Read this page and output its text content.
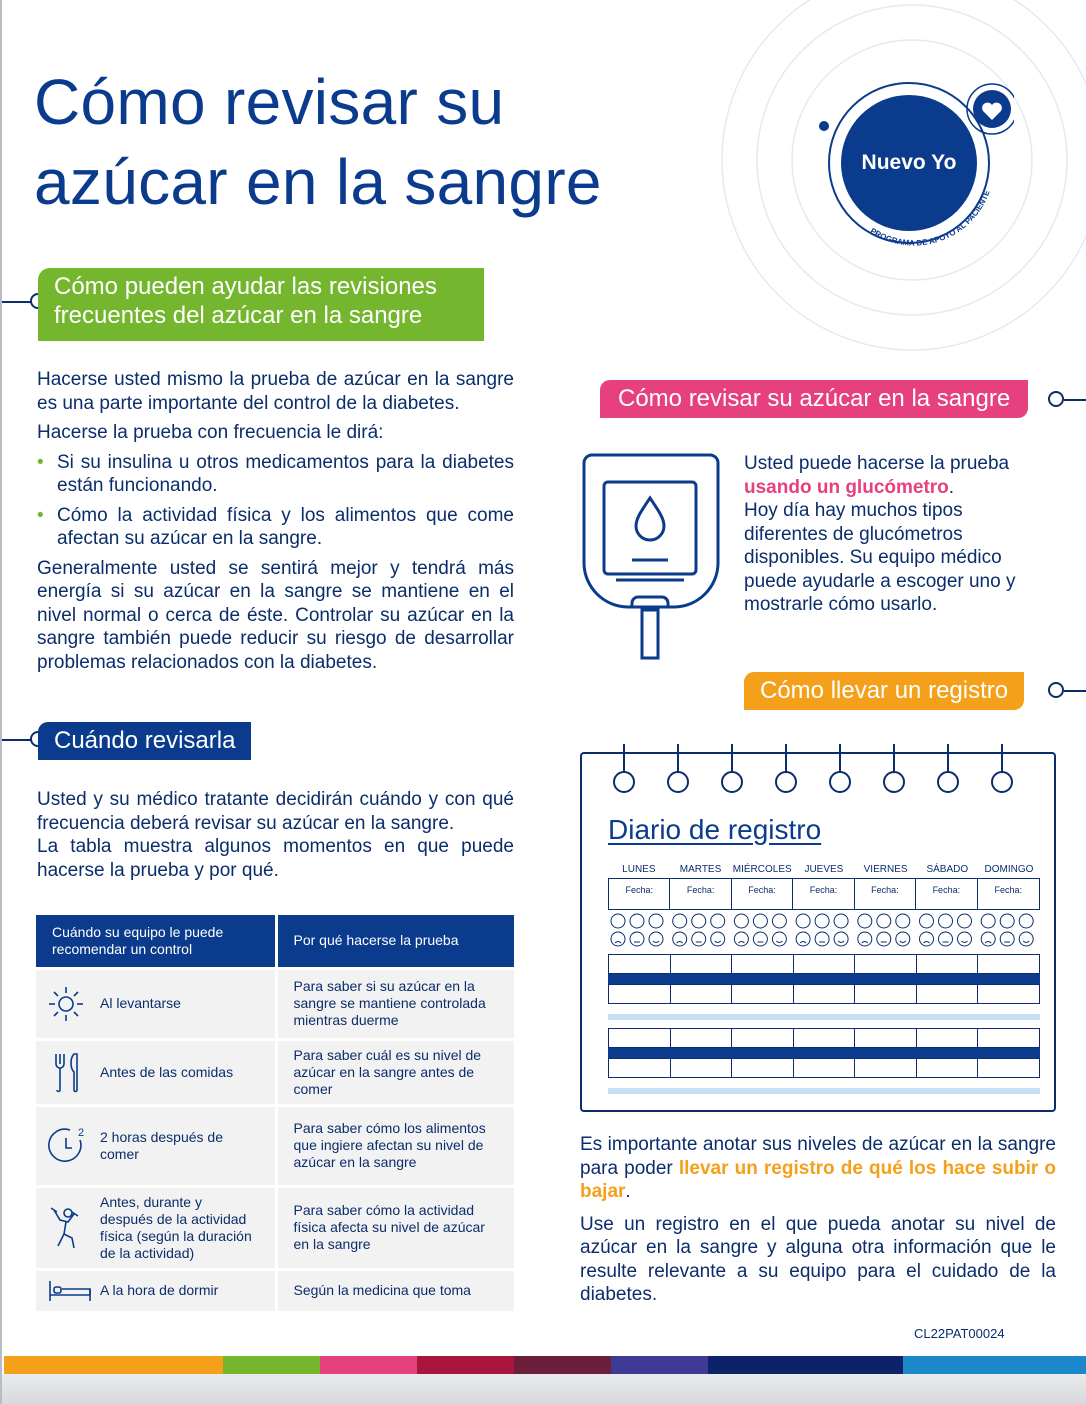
Cómo revisar su
azúcar en la sangre	Nuevo Yo
PROGRAMA DE APOYO AL PACIENTE
Cómo pueden ayudar las revisiones
frecuentes del azúcar en la sangre
Hacerse usted mismo la prueba de azúcar en la sangre es una parte importante del control de la diabetes.
Hacerse la prueba con frecuencia le dirá:
• Si su insulina u otros medicamentos para la diabetes están funcionando.
• Cómo la actividad física y los alimentos que come afectan su azúcar en la sangre.
Generalmente usted se sentirá mejor y tendrá más energía si su azúcar en la sangre se mantiene en el nivel normal o cerca de éste. Controlar su azúcar en la sangre también puede reducir su riesgo de desarrollar problemas relacionados con la diabetes.
Cuándo revisarla
Usted y su médico tratante decidirán cuándo y con qué frecuencia deberá revisar su azúcar en la sangre.
La tabla muestra algunos momentos en que puede hacerse la prueba y por qué.
Cuándo su equipo le puede recomendar un control	Por qué hacerse la prueba

Al levantarse	Para saber si su azúcar en la sangre se mantiene controlada mientras duerme

Antes de las comidas	Para saber cuál es su nivel de azúcar en la sangre antes de comer

2 2 horas después de comer	Para saber cómo los alimentos que ingiere afectan su nivel de azúcar en la sangre

Antes, durante y después de la actividad física (según la duración de la actividad)	Para saber cómo la actividad física afecta su nivel de azúcar en la sangre

A la hora de dormir	Según la medicina que toma
Cómo revisar su azúcar en la sangre
Usted puede hacerse la prueba
usando un glucómetro.
Hoy día hay muchos tipos diferentes de glucómetros disponibles. Su equipo médico puede ayudarle a escoger uno y mostrarle cómo usarlo.
Cómo llevar un registro
Diario de registro
LUNES	MARTES	MIÉRCOLES	JUEVES	VIERNES	SÁBADO	DOMINGO
Fecha:	Fecha:	Fecha:	Fecha:	Fecha:	Fecha:	Fecha:
Es importante anotar sus niveles de azúcar en la sangre para poder llevar un registro de qué los hace subir o bajar.
Use un registro en el que pueda anotar su nivel de azúcar en la sangre y alguna otra información que le resulte relevante a su equipo para el cuidado de la diabetes.
CL22PAT00024
